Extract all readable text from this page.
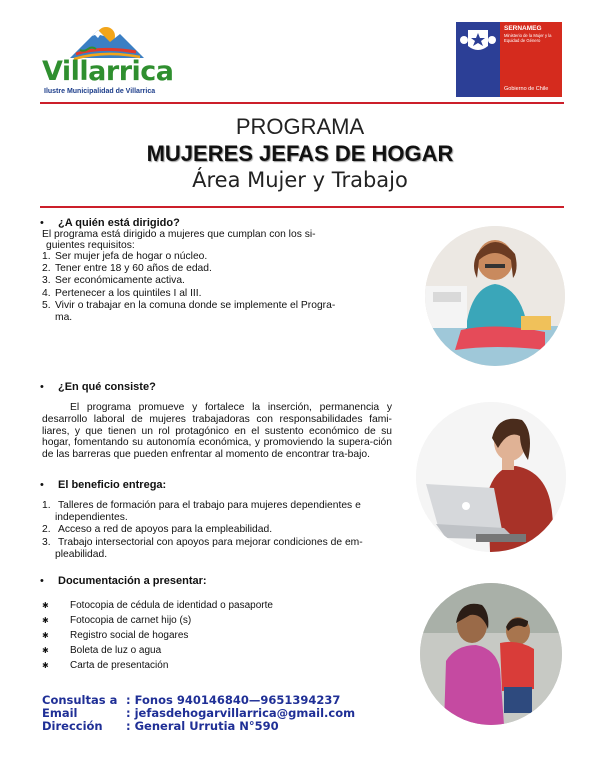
Villarrica
Ilustre Municipalidad de Villarrica
SERNAMEG
Ministerio de la Mujer y la Equidad de Género
Gobierno de Chile
PROGRAMA
MUJERES JEFAS DE HOGAR
Área Mujer y Trabajo
• ¿A quién está dirigido?
El programa está dirigido a mujeres que cumplan con los si-
guientes requisitos:
1. Ser mujer jefa de hogar o núcleo.
2. Tener entre 18 y 60 años de edad.
3. Ser económicamente activa.
4. Pertenecer a los quintiles I al III.
5. Vivir o trabajar en la comuna donde se implemente el Progra-
ma.
• ¿En qué consiste?
El programa promueve y fortalece la inserción, permanencia y desarrollo laboral de mujeres trabajadoras con responsabilidades fami-liares, y que tienen un rol protagónico en el sustento económico de su hogar, fomentando su autonomía económica, y promoviendo la supera-ción de las barreras que pueden enfrentar al momento de encontrar tra-bajo.
• El beneficio entrega:
1. Talleres de formación para el trabajo para mujeres dependientes e
independientes.
2. Acceso a red de apoyos para la empleabilidad.
3. Trabajo intersectorial con apoyos para mejorar condiciones de em-
pleabilidad.
• Documentación a presentar:
✱ Fotocopia de cédula de identidad o pasaporte
✱ Fotocopia de carnet hijo (s)
✱ Registro social de hogares
✱ Boleta de luz o agua
✱ Carta de presentación
Consultas a
Email
Dirección
: Fonos 940146840—9651394237
: jefasdehogarvillarrica@gmail.com
: General Urrutia N°590
